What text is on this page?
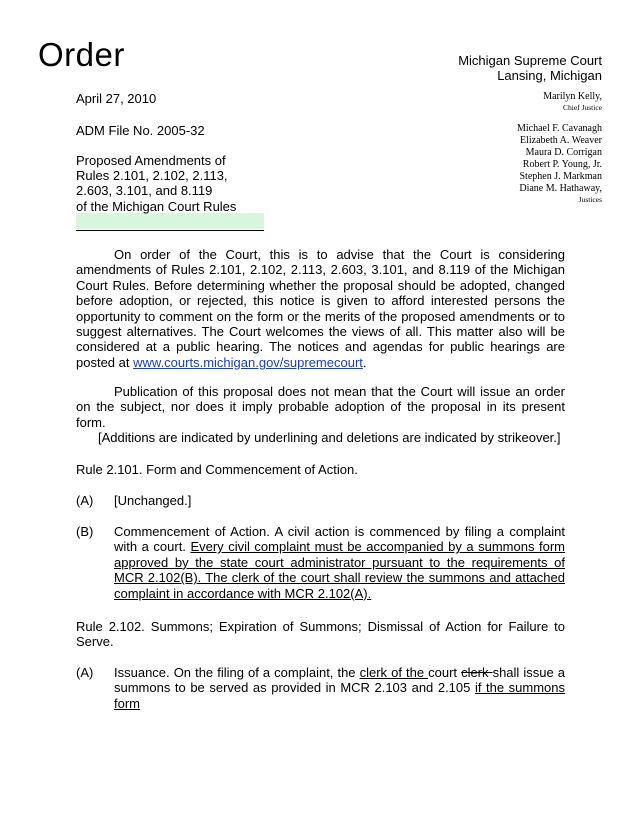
Order	Michigan Supreme Court
Lansing, Michigan
April 27, 2010
ADM File No. 2005-32
Proposed Amendments of
Rules 2.101, 2.102, 2.113,
2.603, 3.101, and 8.119
of the Michigan Court Rules
Marilyn Kelly,
Chief Justice
Michael F. Cavanagh
Elizabeth A. Weaver
Maura D. Corrigan
Robert P. Young, Jr.
Stephen J. Markman
Diane M. Hathaway,
Justices

On order of the Court, this is to advise that the Court is considering amendments of Rules 2.101, 2.102, 2.113, 2.603, 3.101, and 8.119 of the Michigan Court Rules. Before determining whether the proposal should be adopted, changed before adoption, or rejected, this notice is given to afford interested persons the opportunity to comment on the form or the merits of the proposed amendments or to suggest alternatives. The Court welcomes the views of all. This matter also will be considered at a public hearing. The notices and agendas for public hearings are posted at www.courts.michigan.gov/supremecourt.

Publication of this proposal does not mean that the Court will issue an order on the subject, nor does it imply probable adoption of the proposal in its present form.

[Additions are indicated by underlining and deletions are indicated by strikeover.]
Rule 2.101. Form and Commencement of Action.
(A)	[Unchanged.]
(B)	Commencement of Action. A civil action is commenced by filing a complaint with a court. Every civil complaint must be accompanied by a summons form approved by the state court administrator pursuant to the requirements of MCR 2.102(B). The clerk of the court shall review the summons and attached complaint in accordance with MCR 2.102(A).

Rule 2.102. Summons; Expiration of Summons; Dismissal of Action for Failure to Serve.

(A)	Issuance. On the filing of a complaint, the clerk of the court clerk shall issue a summons to be served as provided in MCR 2.103 and 2.105 if the summons form
